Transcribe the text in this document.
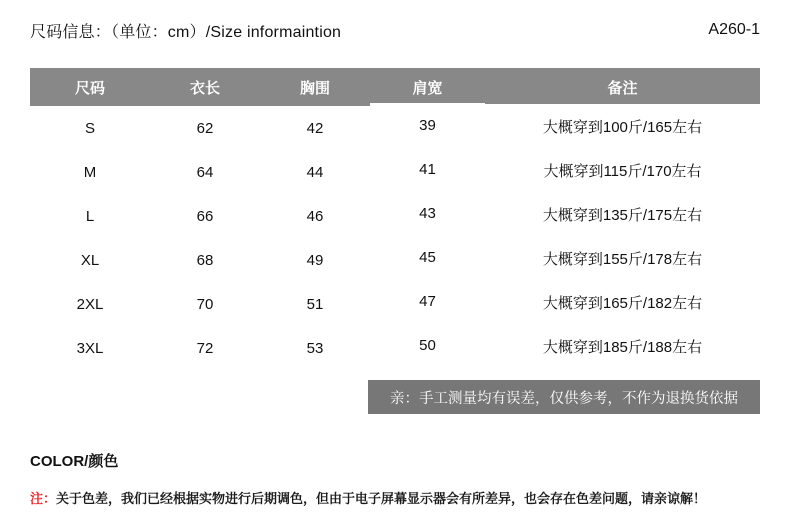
尺码信息：（单位：cm）/Size informaintion	A260-1
尺码	衣长	胸围	肩宽	备注
S	62	42	39	大概穿到100斤/165左右
M	64	44	41	大概穿到115斤/170左右
L	66	46	43	大概穿到135斤/175左右
XL	68	49	45	大概穿到155斤/178左右
2XL	70	51	47	大概穿到165斤/182左右
3XL	72	53	50	大概穿到185斤/188左右
亲：手工测量均有误差，仅供参考，不作为退换货依据
COLOR/颜色
注：关于色差，我们已经根据实物进行后期调色，但由于电子屏幕显示器会有所差异，也会存在色差问题，请亲谅解！
